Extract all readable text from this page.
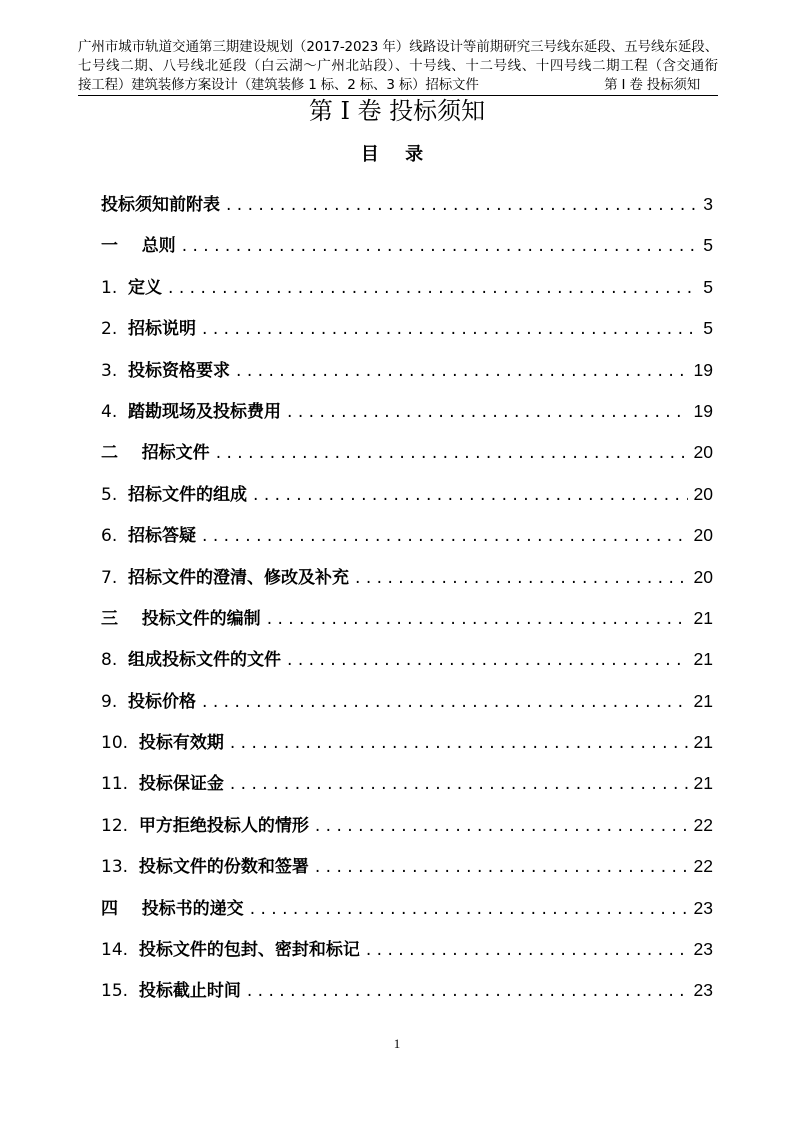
广州市城市轨道交通第三期建设规划（2017-2023 年）线路设计等前期研究三号线东延段、五号线东延段、
七号线二期、八号线北延段（白云湖～广州北站段）、十号线、十二号线、十四号线二期工程（含交通衔
接工程）建筑装修方案设计（建筑装修 1 标、2 标、3 标）招标文件	第 I 卷 投标须知
第 I 卷 投标须知
目 录
投标须知前附表 . . .	3
一 总则 . . .	5
1. 定义 . . .	5
2. 招标说明 . . .	5
3. 投标资格要求 . . .	19
4. 踏勘现场及投标费用 . . .	19
二 招标文件 . . .	20
5. 招标文件的组成 . . .	20
6. 招标答疑 . . .	20
7. 招标文件的澄清、修改及补充 . . .	20
三 投标文件的编制 . . .	21
8. 组成投标文件的文件 . . .	21
9. 投标价格 . . .	21
10. 投标有效期 . . .	21
11. 投标保证金 . . .	21
12. 甲方拒绝投标人的情形 . . .	22
13. 投标文件的份数和签署 . . .	22
四 投标书的递交 . . .	23
14. 投标文件的包封、密封和标记 . . .	23
15. 投标截止时间 . . .	23
1
